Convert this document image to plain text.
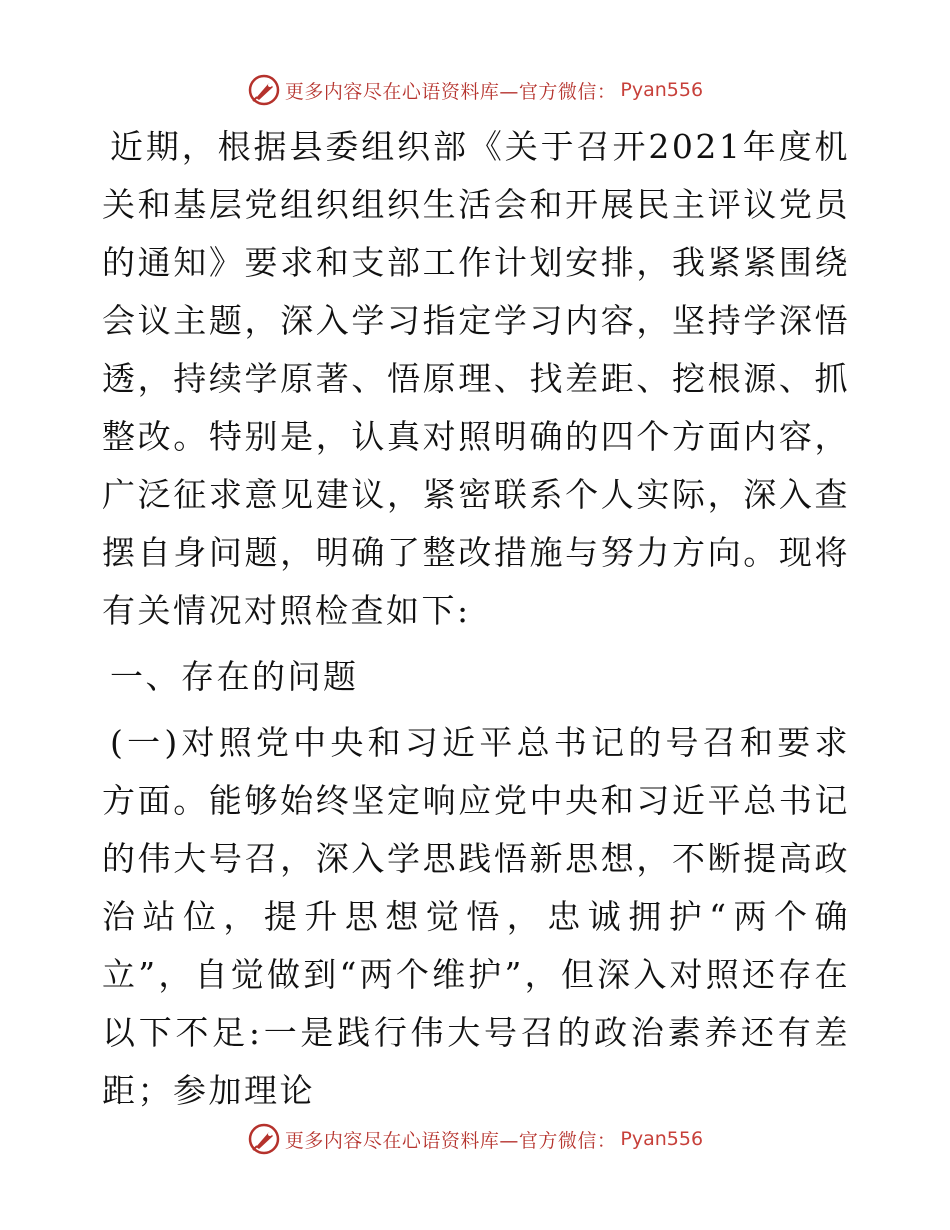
更多内容尽在心语资料库—官方微信： Pyan556

近期，根据县委组织部《关于召开2021年度机关和基层党组织组织生活会和开展民主评议党员的通知》要求和支部工作计划安排，我紧紧围绕会议主题，深入学习指定学习内容，坚持学深悟透，持续学原著、悟原理、找差距、挖根源、抓整改。特别是，认真对照明确的四个方面内容，广泛征求意见建议，紧密联系个人实际，深入查摆自身问题，明确了整改措施与努力方向。现将有关情况对照检查如下:

一、存在的问题

(一)对照党中央和习近平总书记的号召和要求方面。能够始终坚定响应党中央和习近平总书记的伟大号召，深入学思践悟新思想，不断提高政治站位，提升思想觉悟，忠诚拥护“两个确立”，自觉做到“两个维护”，但深入对照还存在以下不足:一是践行伟大号召的政治素养还有差距；参加理论

更多内容尽在心语资料库—官方微信： Pyan556
